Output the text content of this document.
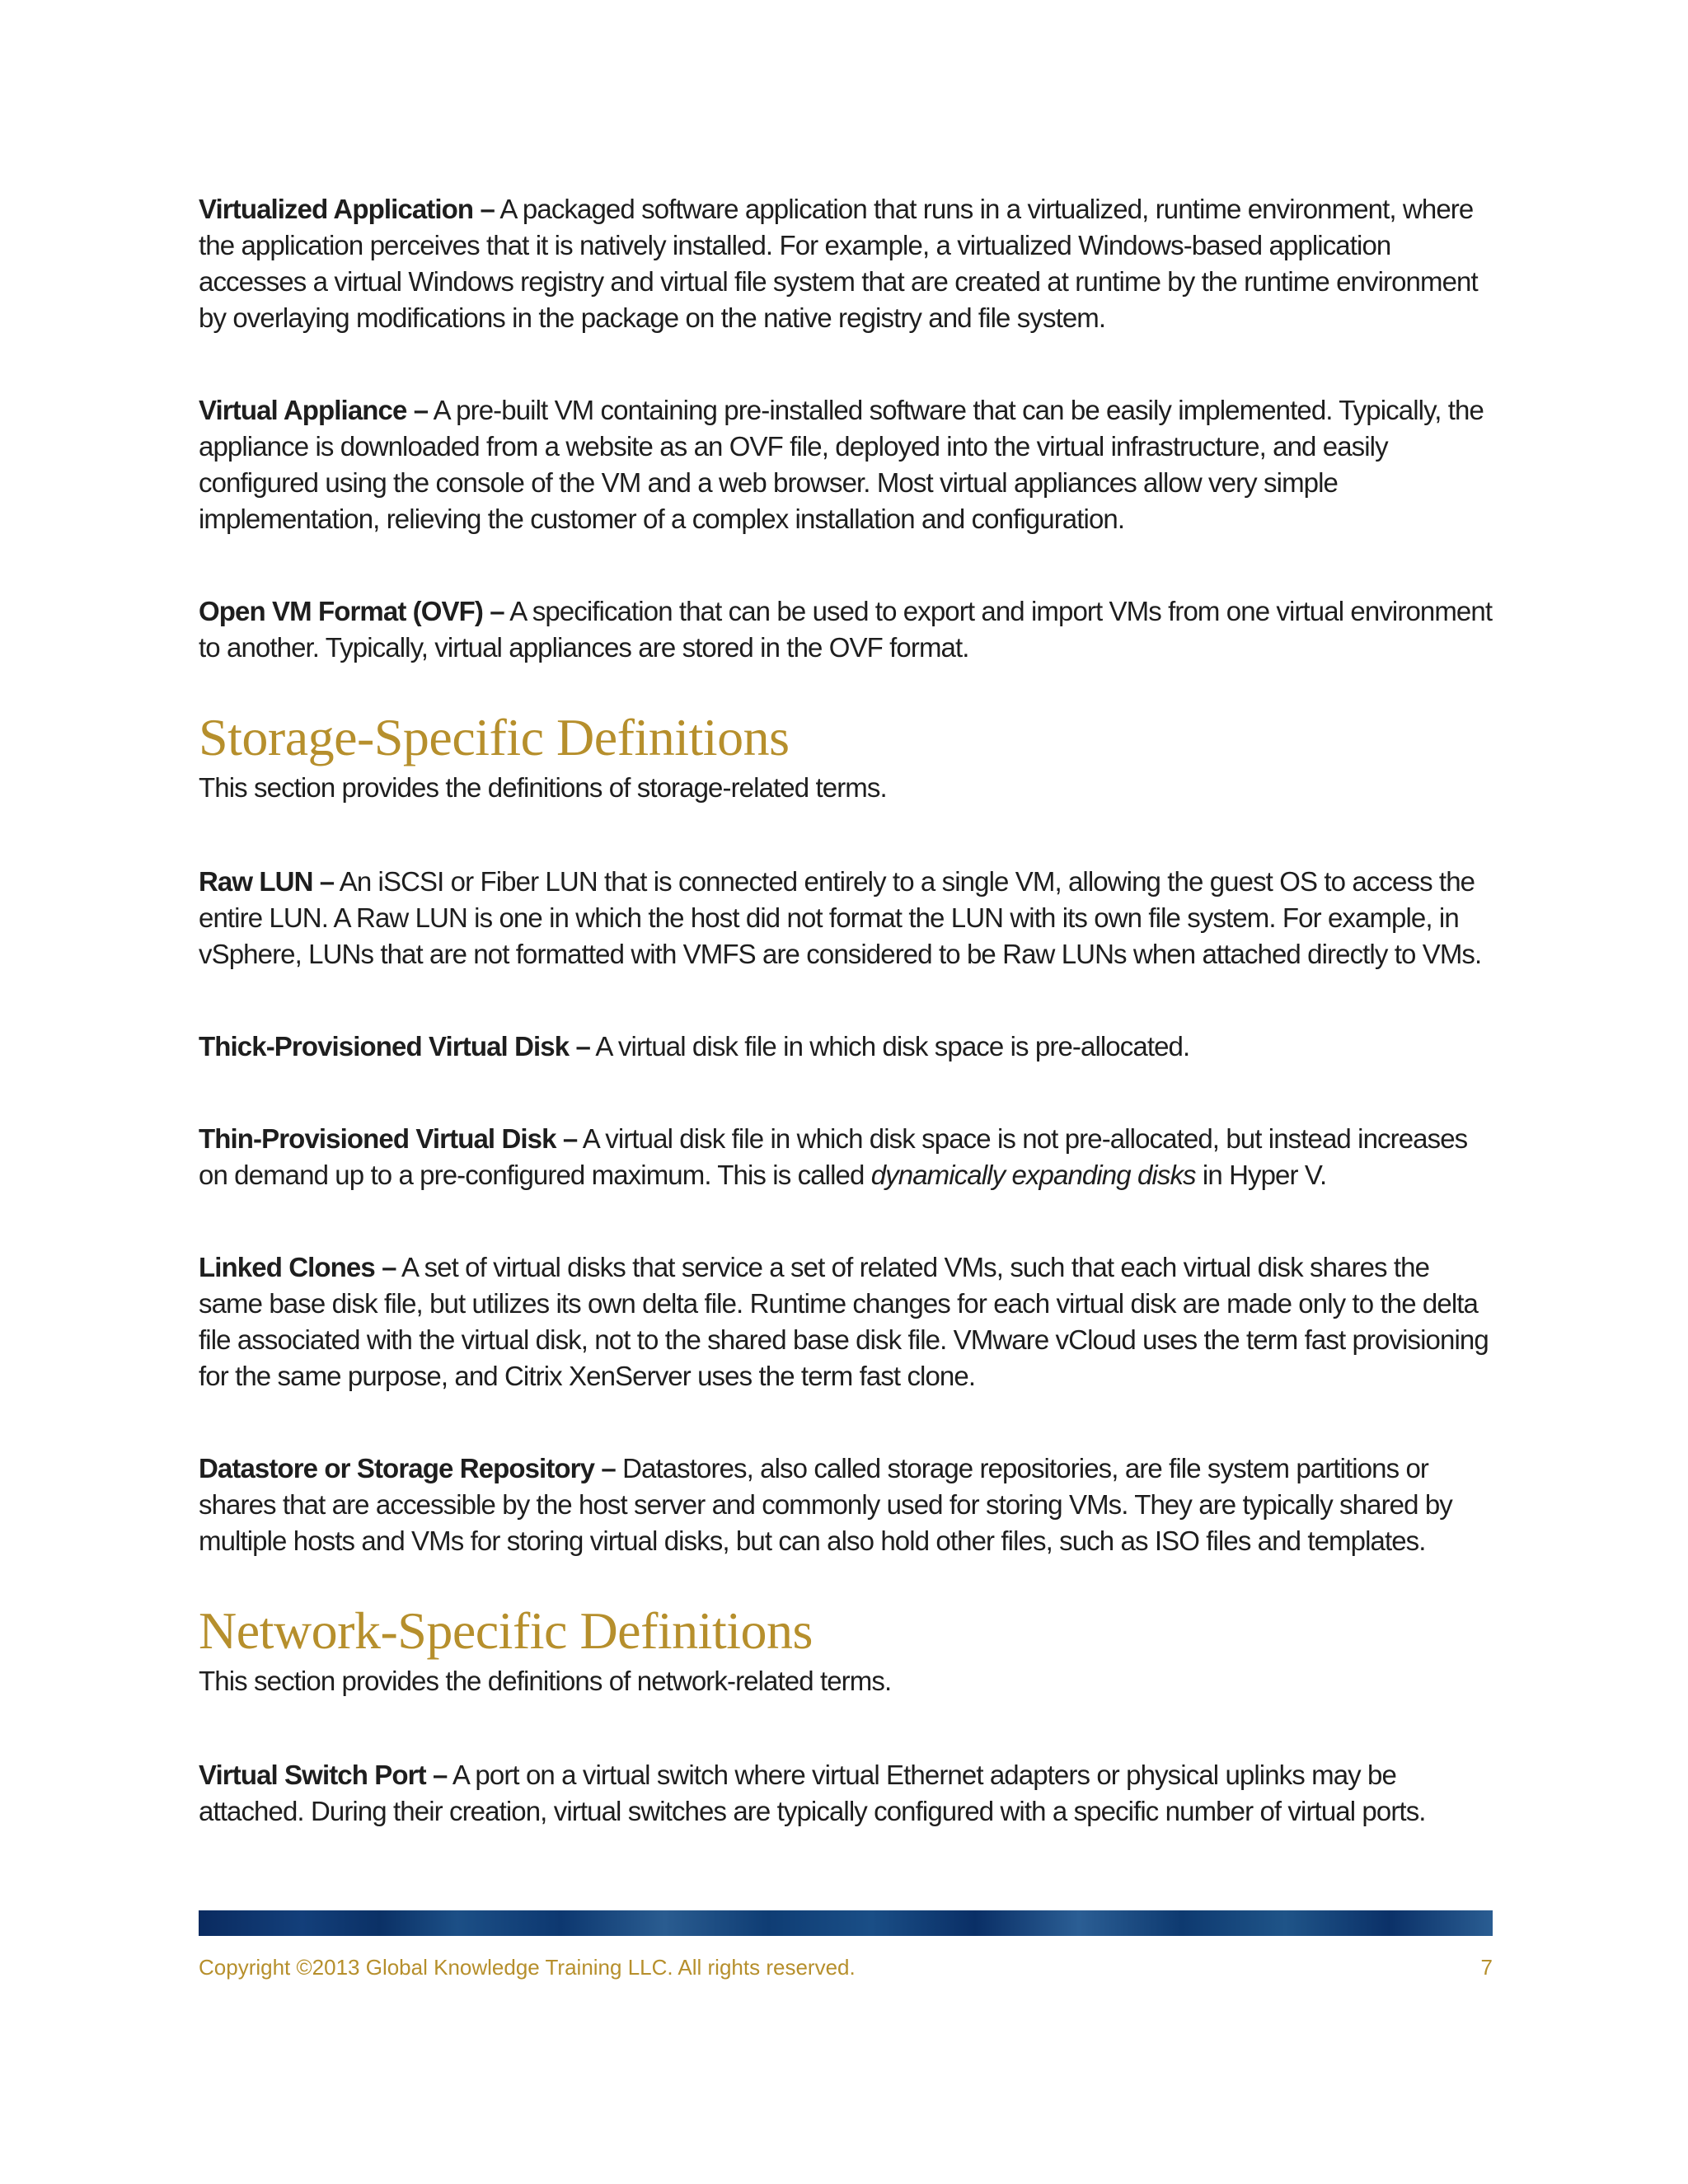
Virtualized Application – A packaged software application that runs in a virtualized, runtime environment, where the application perceives that it is natively installed. For example, a virtualized Windows-based application accesses a virtual Windows registry and virtual file system that are created at runtime by the runtime environment by overlaying modifications in the package on the native registry and file system.

Virtual Appliance – A pre-built VM containing pre-installed software that can be easily implemented. Typically, the appliance is downloaded from a website as an OVF file, deployed into the virtual infrastructure, and easily configured using the console of the VM and a web browser. Most virtual appliances allow very simple implementation, relieving the customer of a complex installation and configuration.

Open VM Format (OVF) – A specification that can be used to export and import VMs from one virtual environment to another. Typically, virtual appliances are stored in the OVF format.

Storage-Specific Definitions

This section provides the definitions of storage-related terms.

Raw LUN – An iSCSI or Fiber LUN that is connected entirely to a single VM, allowing the guest OS to access the entire LUN. A Raw LUN is one in which the host did not format the LUN with its own file system. For example, in vSphere, LUNs that are not formatted with VMFS are considered to be Raw LUNs when attached directly to VMs.

Thick-Provisioned Virtual Disk – A virtual disk file in which disk space is pre-allocated.

Thin-Provisioned Virtual Disk – A virtual disk file in which disk space is not pre-allocated, but instead increases on demand up to a pre-configured maximum. This is called dynamically expanding disks in Hyper V.

Linked Clones – A set of virtual disks that service a set of related VMs, such that each virtual disk shares the same base disk file, but utilizes its own delta file. Runtime changes for each virtual disk are made only to the delta file associated with the virtual disk, not to the shared base disk file. VMware vCloud uses the term fast provisioning for the same purpose, and Citrix XenServer uses the term fast clone.

Datastore or Storage Repository – Datastores, also called storage repositories, are file system partitions or shares that are accessible by the host server and commonly used for storing VMs. They are typically shared by multiple hosts and VMs for storing virtual disks, but can also hold other files, such as ISO files and templates.

Network-Specific Definitions

This section provides the definitions of network-related terms.

Virtual Switch Port – A port on a virtual switch where virtual Ethernet adapters or physical uplinks may be attached. During their creation, virtual switches are typically configured with a specific number of virtual ports.

Copyright ©2013 Global Knowledge Training LLC. All rights reserved.	7
